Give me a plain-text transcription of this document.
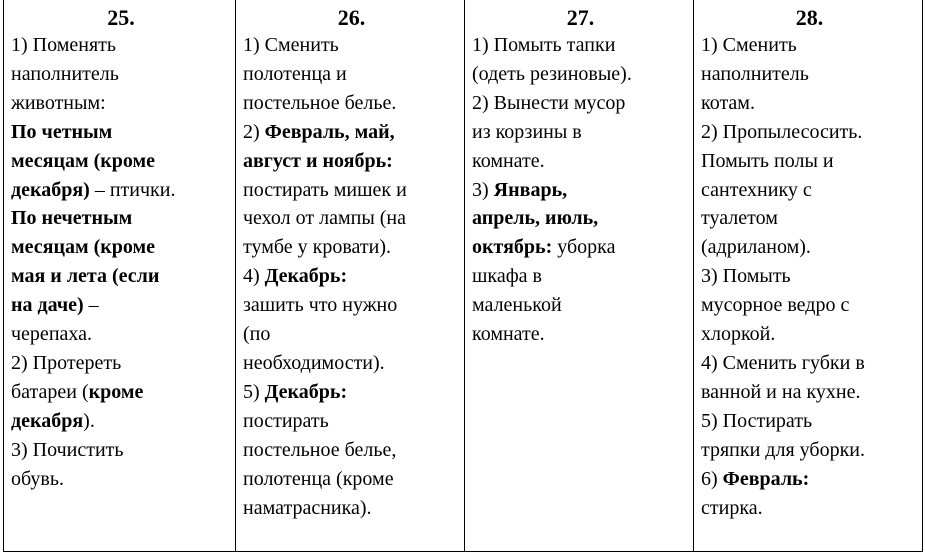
25.
1) Поменять
наполнитель
животным:
По четным
месяцам (кроме
декабря) – птички.
По нечетным
месяцам (кроме
мая и лета (если
на даче) –
черепаха.
2) Протереть
батареи (кроме
декабря).
3) Почистить
обувь.
26.
1) Сменить
полотенца и
постельное белье.
2) Февраль, май,
август и ноябрь:
постирать мишек и
чехол от лампы (на
тумбе у кровати).
4) Декабрь:
зашить что нужно
(по
необходимости).
5) Декабрь:
постирать
постельное белье,
полотенца (кроме
наматрасника).
27.
1) Помыть тапки
(одеть резиновые).
2) Вынести мусор
из корзины в
комнате.
3) Январь,
апрель, июль,
октябрь: уборка
шкафа в
маленькой
комнате.
28.
1) Сменить
наполнитель
котам.
2) Пропылесосить.
Помыть полы и
сантехнику с
туалетом
(адриланом).
3) Помыть
мусорное ведро с
хлоркой.
4) Сменить губки в
ванной и на кухне.
5) Постирать
тряпки для уборки.
6) Февраль:
стирка.
